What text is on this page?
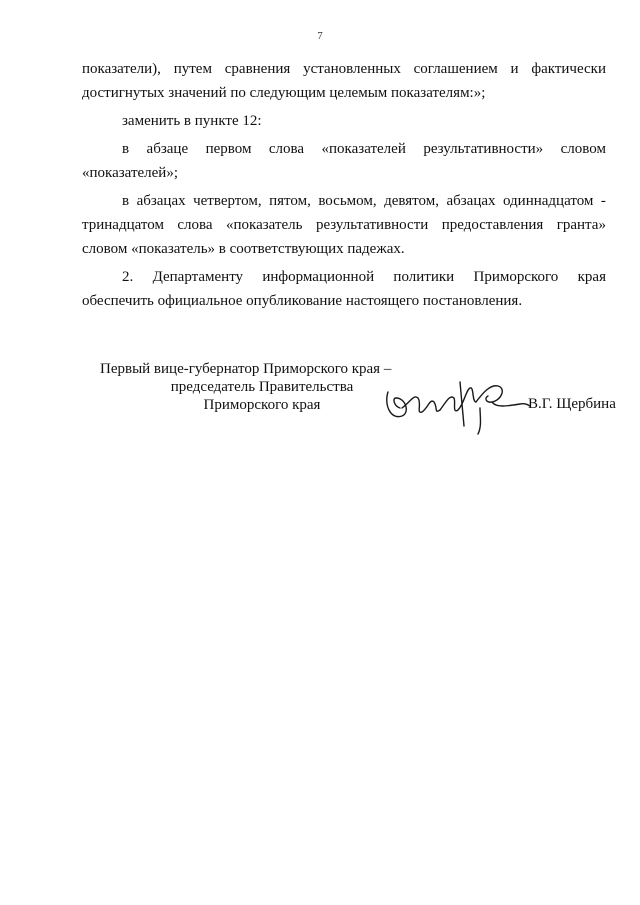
7
показатели), путем сравнения установленных соглашением и фактически
достигнутых значений по следующим целемым показателям:»;
заменить в пункте 12:
в абзаце первом слова «показателей результативности» словом
«показателей»;
в абзацах четвертом, пятом, восьмом, девятом, абзацах одиннадцатом -
тринадцатом слова «показатель результативности предоставления гранта»
словом «показатель» в соответствующих падежах.
2. Департаменту информационной политики Приморского края
обеспечить официальное опубликование настоящего постановления.
Первый вице-губернатор Приморского края –
председатель Правительства
Приморского края	В.Г. Щербина
